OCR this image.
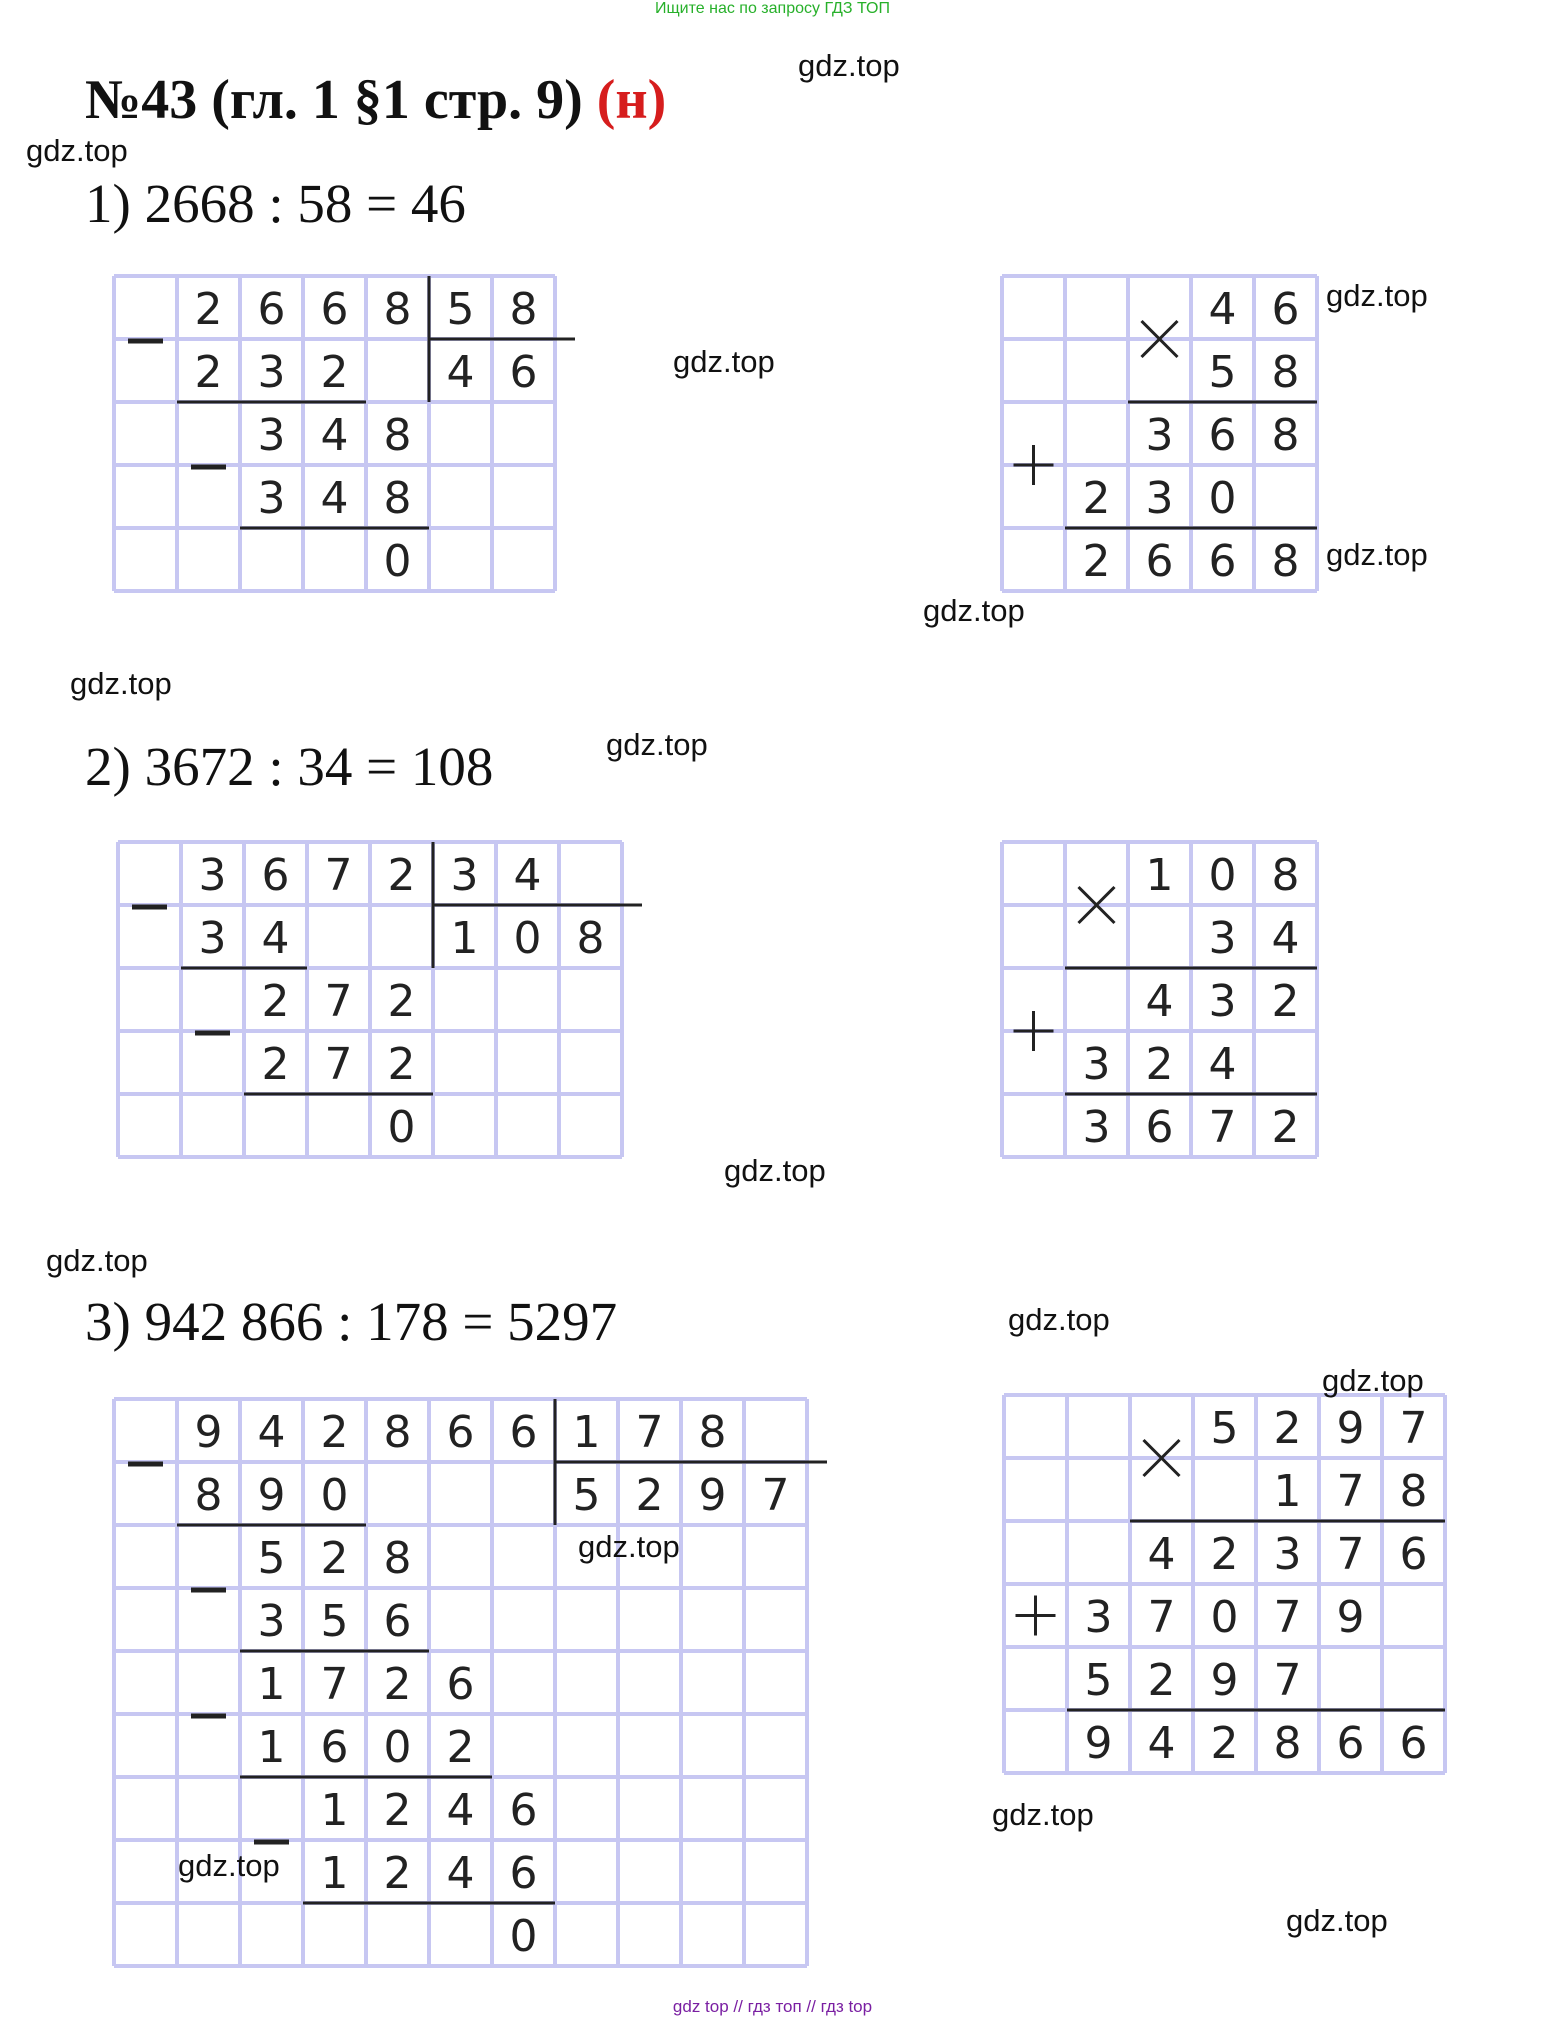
Ищите нас по запросу ГДЗ ТОП
№43 (гл. 1 §1 стр. 9) (н)
1) 2668 : 58 = 46
2 6 6 8 5 8
2 3 2 4 6
3 4 8
3 4 8
0
4 6
5 8
3 6 8
2 3 0
2 6 6 8
2) 3672 : 34 = 108
3 6 7 2 3 4
3 4	1 0 8
2 7 2
2 7 2
0
1 0 8
3 4
4 3 2
3 2 4
3 6 7 2
3) 942 866 : 178 = 5297
9 4 2 8 6 6 1 7 8
8 9 0	5 2 9 7
5 2 8
3 5 6
1 7 2 6
1 6 0 2
1 2 4 6
1 2 4 6
0
5 2 9 7
1 7 8
4 2 3 7 6
3 7 0 7 9
5 2 9 7
9 4 2 8 6 6
gdz.top
gdz.top
gdz.top
gdz.top
gdz.top
gdz.top
gdz.top
gdz.top
gdz.top
gdz.top
gdz.top
gdz.top
gdz.top
gdz.top
gdz.top
gdz.top
gdz top // гдз топ // гдз top
